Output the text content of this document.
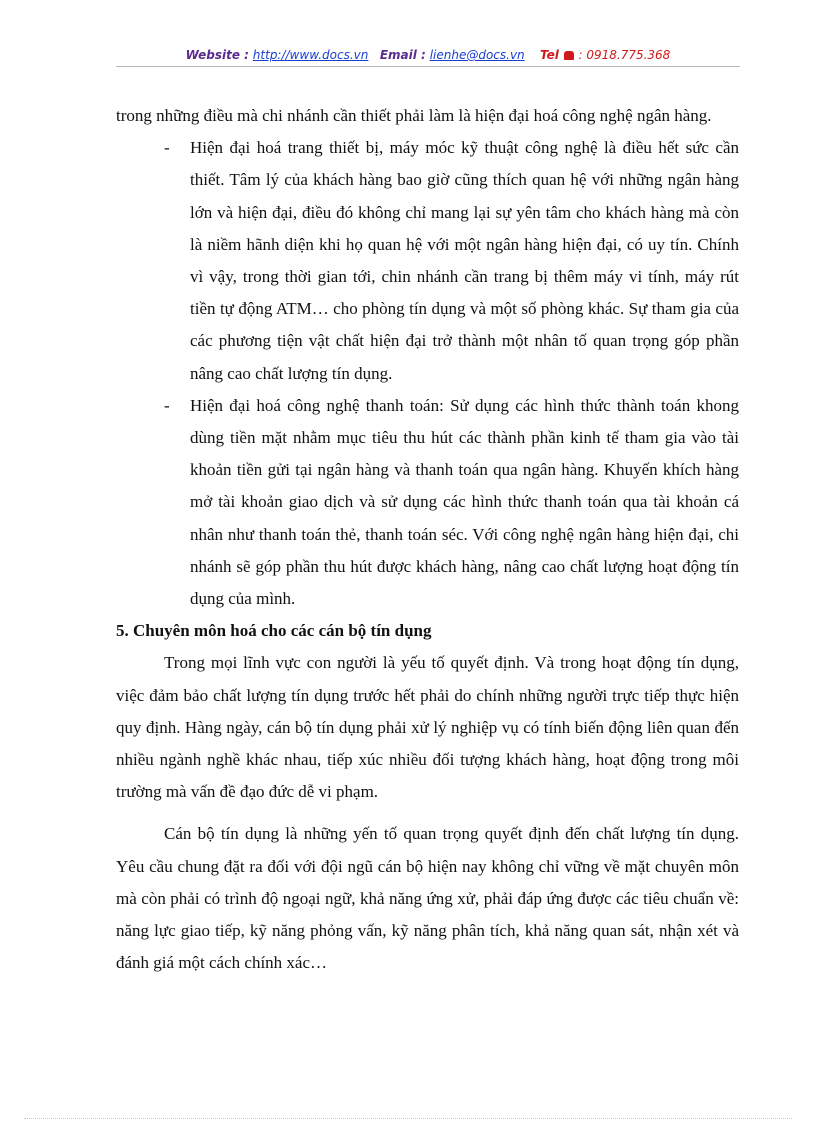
Website : http://www.docs.vn Email : lienhe@docs.vn Tel : 0918.775.368

trong những điều mà chi nhánh cần thiết phải làm là hiện đại hoá công nghệ ngân hàng.

- Hiện đại hoá trang thiết bị, máy móc kỹ thuật công nghệ là điều hết sức cần thiết. Tâm lý của khách hàng bao giờ cũng thích quan hệ với những ngân hàng lớn và hiện đại, điều đó không chỉ mang lại sự yên tâm cho khách hàng mà còn là niềm hãnh diện khi họ quan hệ với một ngân hàng hiện đại, có uy tín. Chính vì vậy, trong thời gian tới, chin nhánh cần trang bị thêm máy vi tính, máy rút tiền tự động ATM… cho phòng tín dụng và một số phòng khác. Sự tham gia của các phương tiện vật chất hiện đại trở thành một nhân tố quan trọng góp phần nâng cao chất lượng tín dụng.

- Hiện đại hoá công nghệ thanh toán: Sử dụng các hình thức thành toán khong dùng tiền mặt nhằm mục tiêu thu hút các thành phần kinh tế tham gia vào tài khoản tiền gửi tại ngân hàng và thanh toán qua ngân hàng. Khuyến khích hàng mở tài khoản giao dịch và sử dụng các hình thức thanh toán qua tài khoản cá nhân như thanh toán thẻ, thanh toán séc. Với công nghệ ngân hàng hiện đại, chi nhánh sẽ góp phần thu hút được khách hàng, nâng cao chất lượng hoạt động tín dụng của mình.

5. Chuyên môn hoá cho các cán bộ tín dụng

Trong mọi lĩnh vực con người là yếu tố quyết định. Và trong hoạt động tín dụng, việc đảm bảo chất lượng tín dụng trước hết phải do chính những người trực tiếp thực hiện quy định. Hàng ngày, cán bộ tín dụng phải xử lý nghiệp vụ có tính biến động liên quan đến nhiều ngành nghề khác nhau, tiếp xúc nhiều đối tượng khách hàng, hoạt động trong môi trường mà vấn đề đạo đức dễ vi phạm.

Cán bộ tín dụng là những yến tố quan trọng quyết định đến chất lượng tín dụng. Yêu cầu chung đặt ra đối với đội ngũ cán bộ hiện nay không chỉ vững về mặt chuyên môn mà còn phải có trình độ ngoại ngữ, khả năng ứng xử, phải đáp ứng được các tiêu chuẩn về: năng lực giao tiếp, kỹ năng phỏng vấn, kỹ năng phân tích, khả năng quan sát, nhận xét và đánh giá một cách chính xác…
